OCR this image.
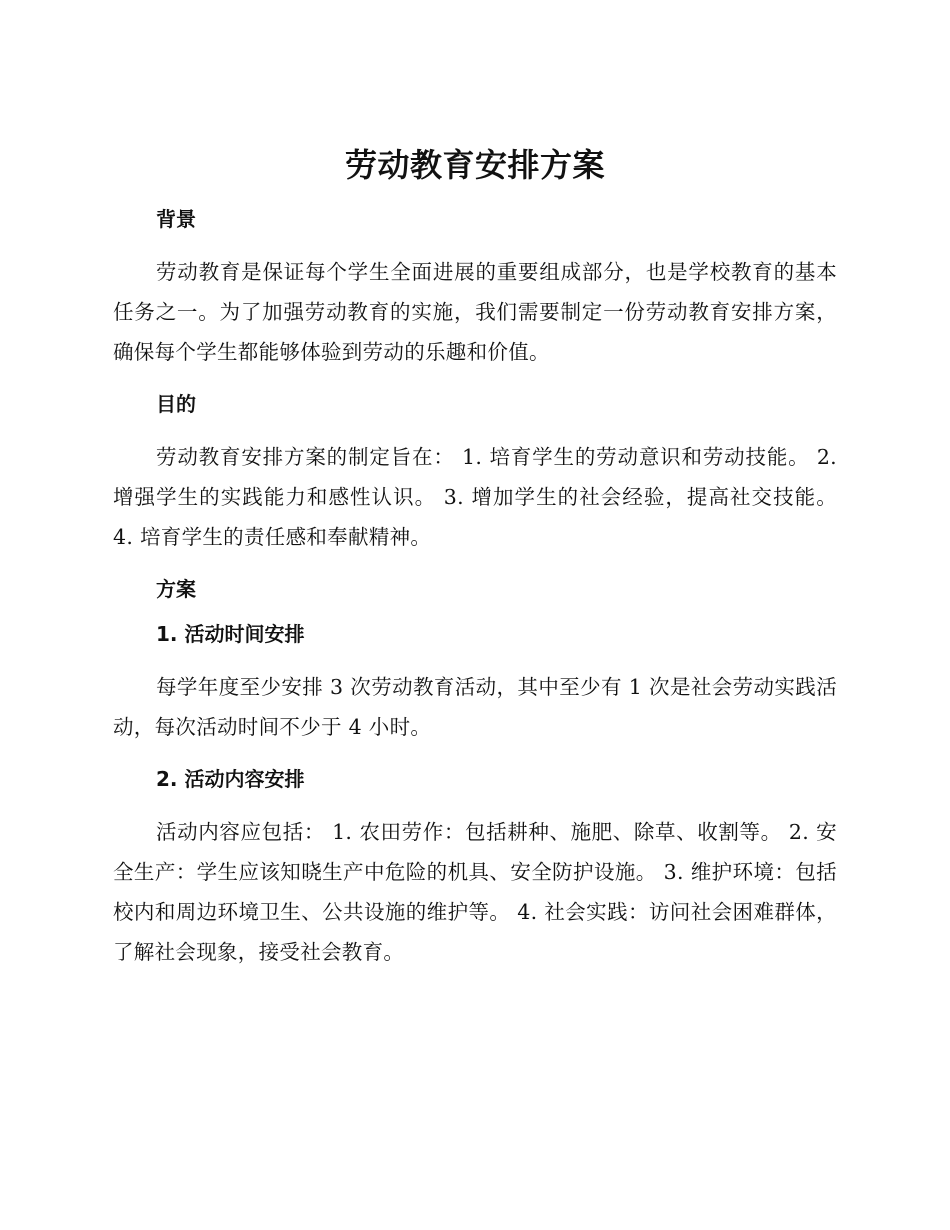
劳动教育安排方案
背景

劳动教育是保证每个学生全面进展的重要组成部分，也是学校教育的基本任务之一。为了加强劳动教育的实施，我们需要制定一份劳动教育安排方案，确保每个学生都能够体验到劳动的乐趣和价值。

目的

劳动教育安排方案的制定旨在： 1. 培育学生的劳动意识和劳动技能。 2. 增强学生的实践能力和感性认识。 3. 增加学生的社会经验，提高社交技能。 4. 培育学生的责任感和奉献精神。

方案
1. 活动时间安排

每学年度至少安排 3 次劳动教育活动，其中至少有 1 次是社会劳动实践活动，每次活动时间不少于 4 小时。

2. 活动内容安排

活动内容应包括： 1. 农田劳作：包括耕种、施肥、除草、收割等。 2. 安全生产：学生应该知晓生产中危险的机具、安全防护设施。 3. 维护环境：包括校内和周边环境卫生、公共设施的维护等。 4. 社会实践：访问社会困难群体，了解社会现象，接受社会教育。
